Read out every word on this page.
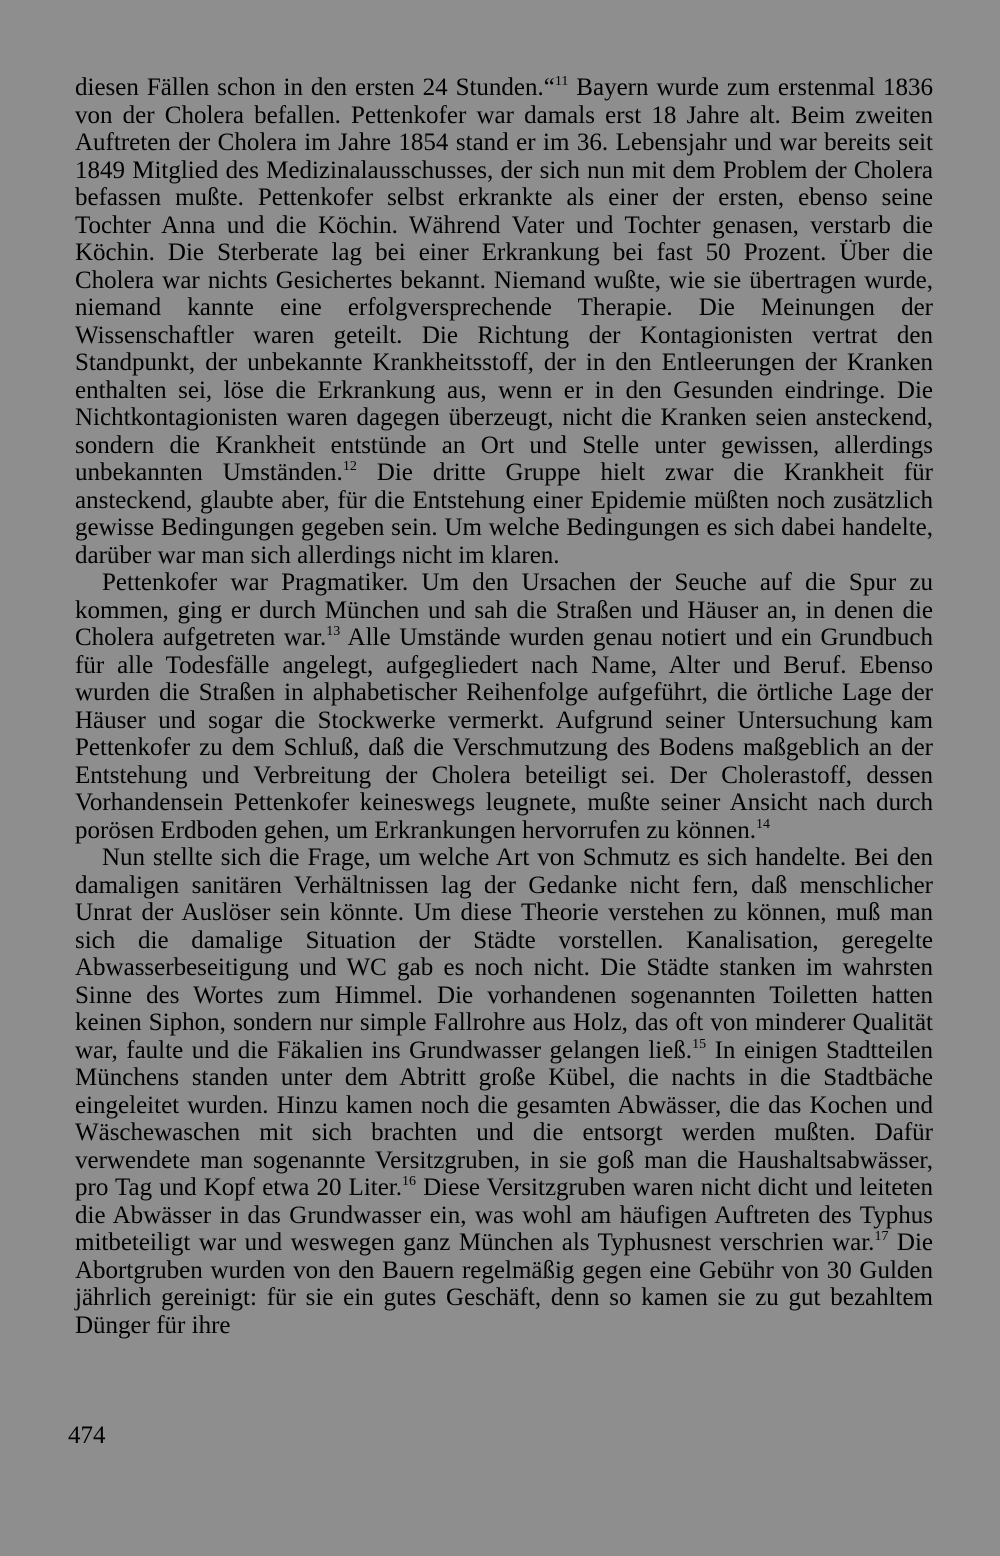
diesen Fällen schon in den ersten 24 Stunden.“$^{11}$ Bayern wurde zum erstenmal 1836 von der Cholera befallen. Pettenkofer war damals erst 18 Jahre alt. Beim zweiten Auftreten der Cholera im Jahre 1854 stand er im 36. Lebensjahr und war bereits seit 1849 Mitglied des Medizinalausschusses, der sich nun mit dem Problem der Cholera befassen mußte. Pettenkofer selbst erkrankte als einer der ersten, ebenso seine Tochter Anna und die Köchin. Während Vater und Tochter genasen, verstarb die Köchin. Die Sterberate lag bei einer Erkrankung bei fast 50 Prozent. Über die Cholera war nichts Gesichertes bekannt. Niemand wußte, wie sie übertragen wurde, niemand kannte eine erfolgversprechende Therapie. Die Meinungen der Wissenschaftler waren geteilt. Die Richtung der Kontagionisten vertrat den Standpunkt, der unbekannte Krankheitsstoff, der in den Entleerungen der Kranken enthalten sei, löse die Erkrankung aus, wenn er in den Gesunden eindringe. Die Nichtkontagionisten waren dagegen überzeugt, nicht die Kranken seien ansteckend, sondern die Krankheit entstünde an Ort und Stelle unter gewissen, allerdings unbekannten Umständen.$^{12}$ Die dritte Gruppe hielt zwar die Krankheit für ansteckend, glaubte aber, für die Entstehung einer Epidemie müßten noch zusätzlich gewisse Bedingungen gegeben sein. Um welche Bedingungen es sich dabei handelte, darüber war man sich allerdings nicht im klaren.

Pettenkofer war Pragmatiker. Um den Ursachen der Seuche auf die Spur zu kommen, ging er durch München und sah die Straßen und Häuser an, in denen die Cholera aufgetreten war.$^{13}$ Alle Umstände wurden genau notiert und ein Grundbuch für alle Todesfälle angelegt, aufgegliedert nach Name, Alter und Beruf. Ebenso wurden die Straßen in alphabetischer Reihenfolge aufgeführt, die örtliche Lage der Häuser und sogar die Stockwerke vermerkt. Aufgrund seiner Untersuchung kam Pettenkofer zu dem Schluß, daß die Verschmutzung des Bodens maßgeblich an der Entstehung und Verbreitung der Cholera beteiligt sei. Der Cholerastoff, dessen Vorhandensein Pettenkofer keineswegs leugnete, mußte seiner Ansicht nach durch porösen Erdboden gehen, um Erkrankungen hervorrufen zu können.$^{14}$

Nun stellte sich die Frage, um welche Art von Schmutz es sich handelte. Bei den damaligen sanitären Verhältnissen lag der Gedanke nicht fern, daß menschlicher Unrat der Auslöser sein könnte. Um diese Theorie verstehen zu können, muß man sich die damalige Situation der Städte vorstellen. Kanalisation, geregelte Abwasserbeseitigung und WC gab es noch nicht. Die Städte stanken im wahrsten Sinne des Wortes zum Himmel. Die vorhandenen sogenannten Toiletten hatten keinen Siphon, sondern nur simple Fallrohre aus Holz, das oft von minderer Qualität war, faulte und die Fäkalien ins Grundwasser gelangen ließ.$^{15}$ In einigen Stadtteilen Münchens standen unter dem Abtritt große Kübel, die nachts in die Stadtbäche eingeleitet wurden. Hinzu kamen noch die gesamten Abwässer, die das Kochen und Wäschewaschen mit sich brachten und die entsorgt werden mußten. Dafür verwendete man sogenannte Versitzgruben, in sie goß man die Haushaltsabwässer, pro Tag und Kopf etwa 20 Liter.$^{16}$ Diese Versitzgruben waren nicht dicht und leiteten die Abwässer in das Grundwasser ein, was wohl am häufigen Auftreten des Typhus mitbeteiligt war und weswegen ganz München als Typhusnest verschrien war.$^{17}$ Die Abortgruben wurden von den Bauern regelmäßig gegen eine Gebühr von 30 Gulden jährlich gereinigt: für sie ein gutes Geschäft, denn so kamen sie zu gut bezahltem Dünger für ihre

474
